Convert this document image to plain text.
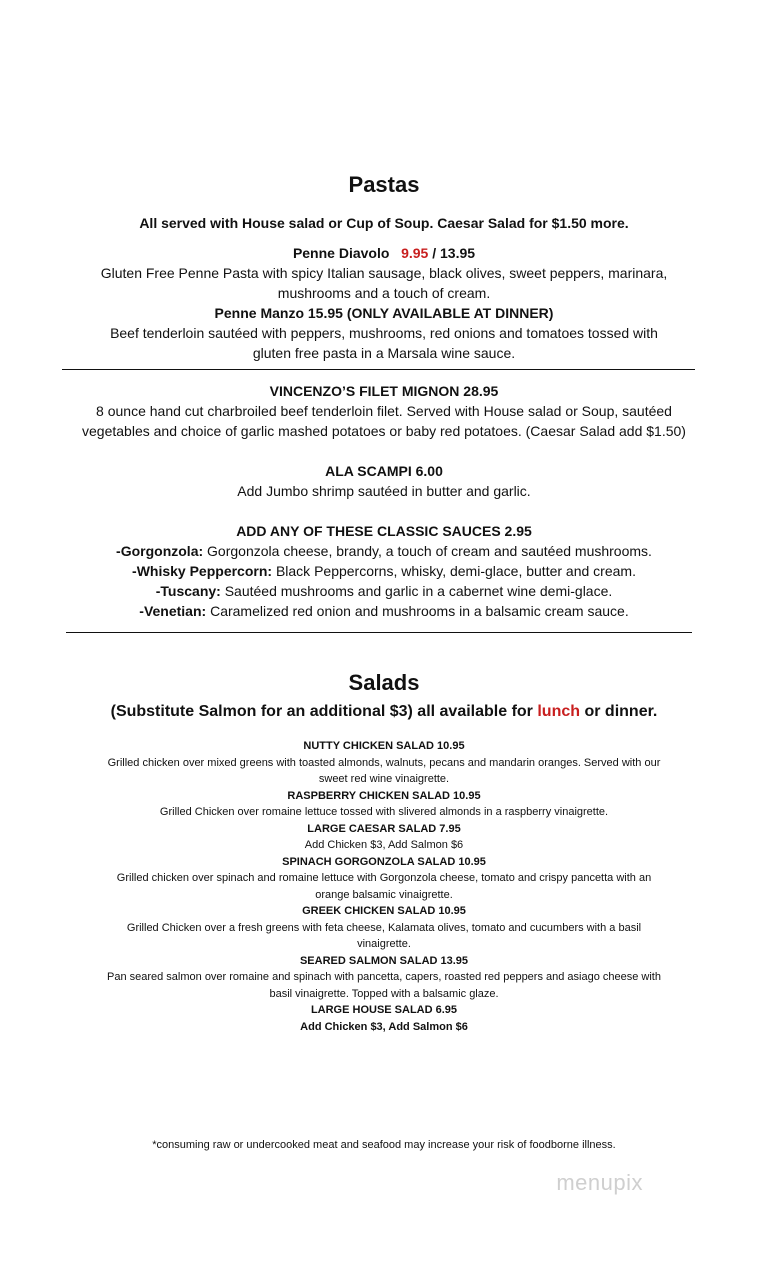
Pastas
All served with House salad or Cup of Soup. Caesar Salad for $1.50 more.
Penne Diavolo 9.95 / 13.95
Gluten Free Penne Pasta with spicy Italian sausage, black olives, sweet peppers, marinara,
mushrooms and a touch of cream.
Penne Manzo 15.95 (ONLY AVAILABLE AT DINNER)
Beef tenderloin sautéed with peppers, mushrooms, red onions and tomatoes tossed with
gluten free pasta in a Marsala wine sauce.
VINCENZO’S FILET MIGNON 28.95
8 ounce hand cut charbroiled beef tenderloin filet. Served with House salad or Soup, sautéed
vegetables and choice of garlic mashed potatoes or baby red potatoes. (Caesar Salad add $1.50)
ALA SCAMPI 6.00
Add Jumbo shrimp sautéed in butter and garlic.
ADD ANY OF THESE CLASSIC SAUCES 2.95
-Gorgonzola: Gorgonzola cheese, brandy, a touch of cream and sautéed mushrooms.
-Whisky Peppercorn: Black Peppercorns, whisky, demi-glace, butter and cream.
-Tuscany: Sautéed mushrooms and garlic in a cabernet wine demi-glace.
-Venetian: Caramelized red onion and mushrooms in a balsamic cream sauce.
Salads
(Substitute Salmon for an additional $3) all available for lunch or dinner.
NUTTY CHICKEN SALAD 10.95
Grilled chicken over mixed greens with toasted almonds, walnuts, pecans and mandarin oranges. Served with our
sweet red wine vinaigrette.
RASPBERRY CHICKEN SALAD 10.95
Grilled Chicken over romaine lettuce tossed with slivered almonds in a raspberry vinaigrette.
LARGE CAESAR SALAD 7.95
Add Chicken $3, Add Salmon $6
SPINACH GORGONZOLA SALAD 10.95
Grilled chicken over spinach and romaine lettuce with Gorgonzola cheese, tomato and crispy pancetta with an
orange balsamic vinaigrette.
GREEK CHICKEN SALAD 10.95
Grilled Chicken over a fresh greens with feta cheese, Kalamata olives, tomato and cucumbers with a basil
vinaigrette.
SEARED SALMON SALAD 13.95
Pan seared salmon over romaine and spinach with pancetta, capers, roasted red peppers and asiago cheese with
basil vinaigrette. Topped with a balsamic glaze.
LARGE HOUSE SALAD 6.95
Add Chicken $3, Add Salmon $6
*consuming raw or undercooked meat and seafood may increase your risk of foodborne illness.
menupix
